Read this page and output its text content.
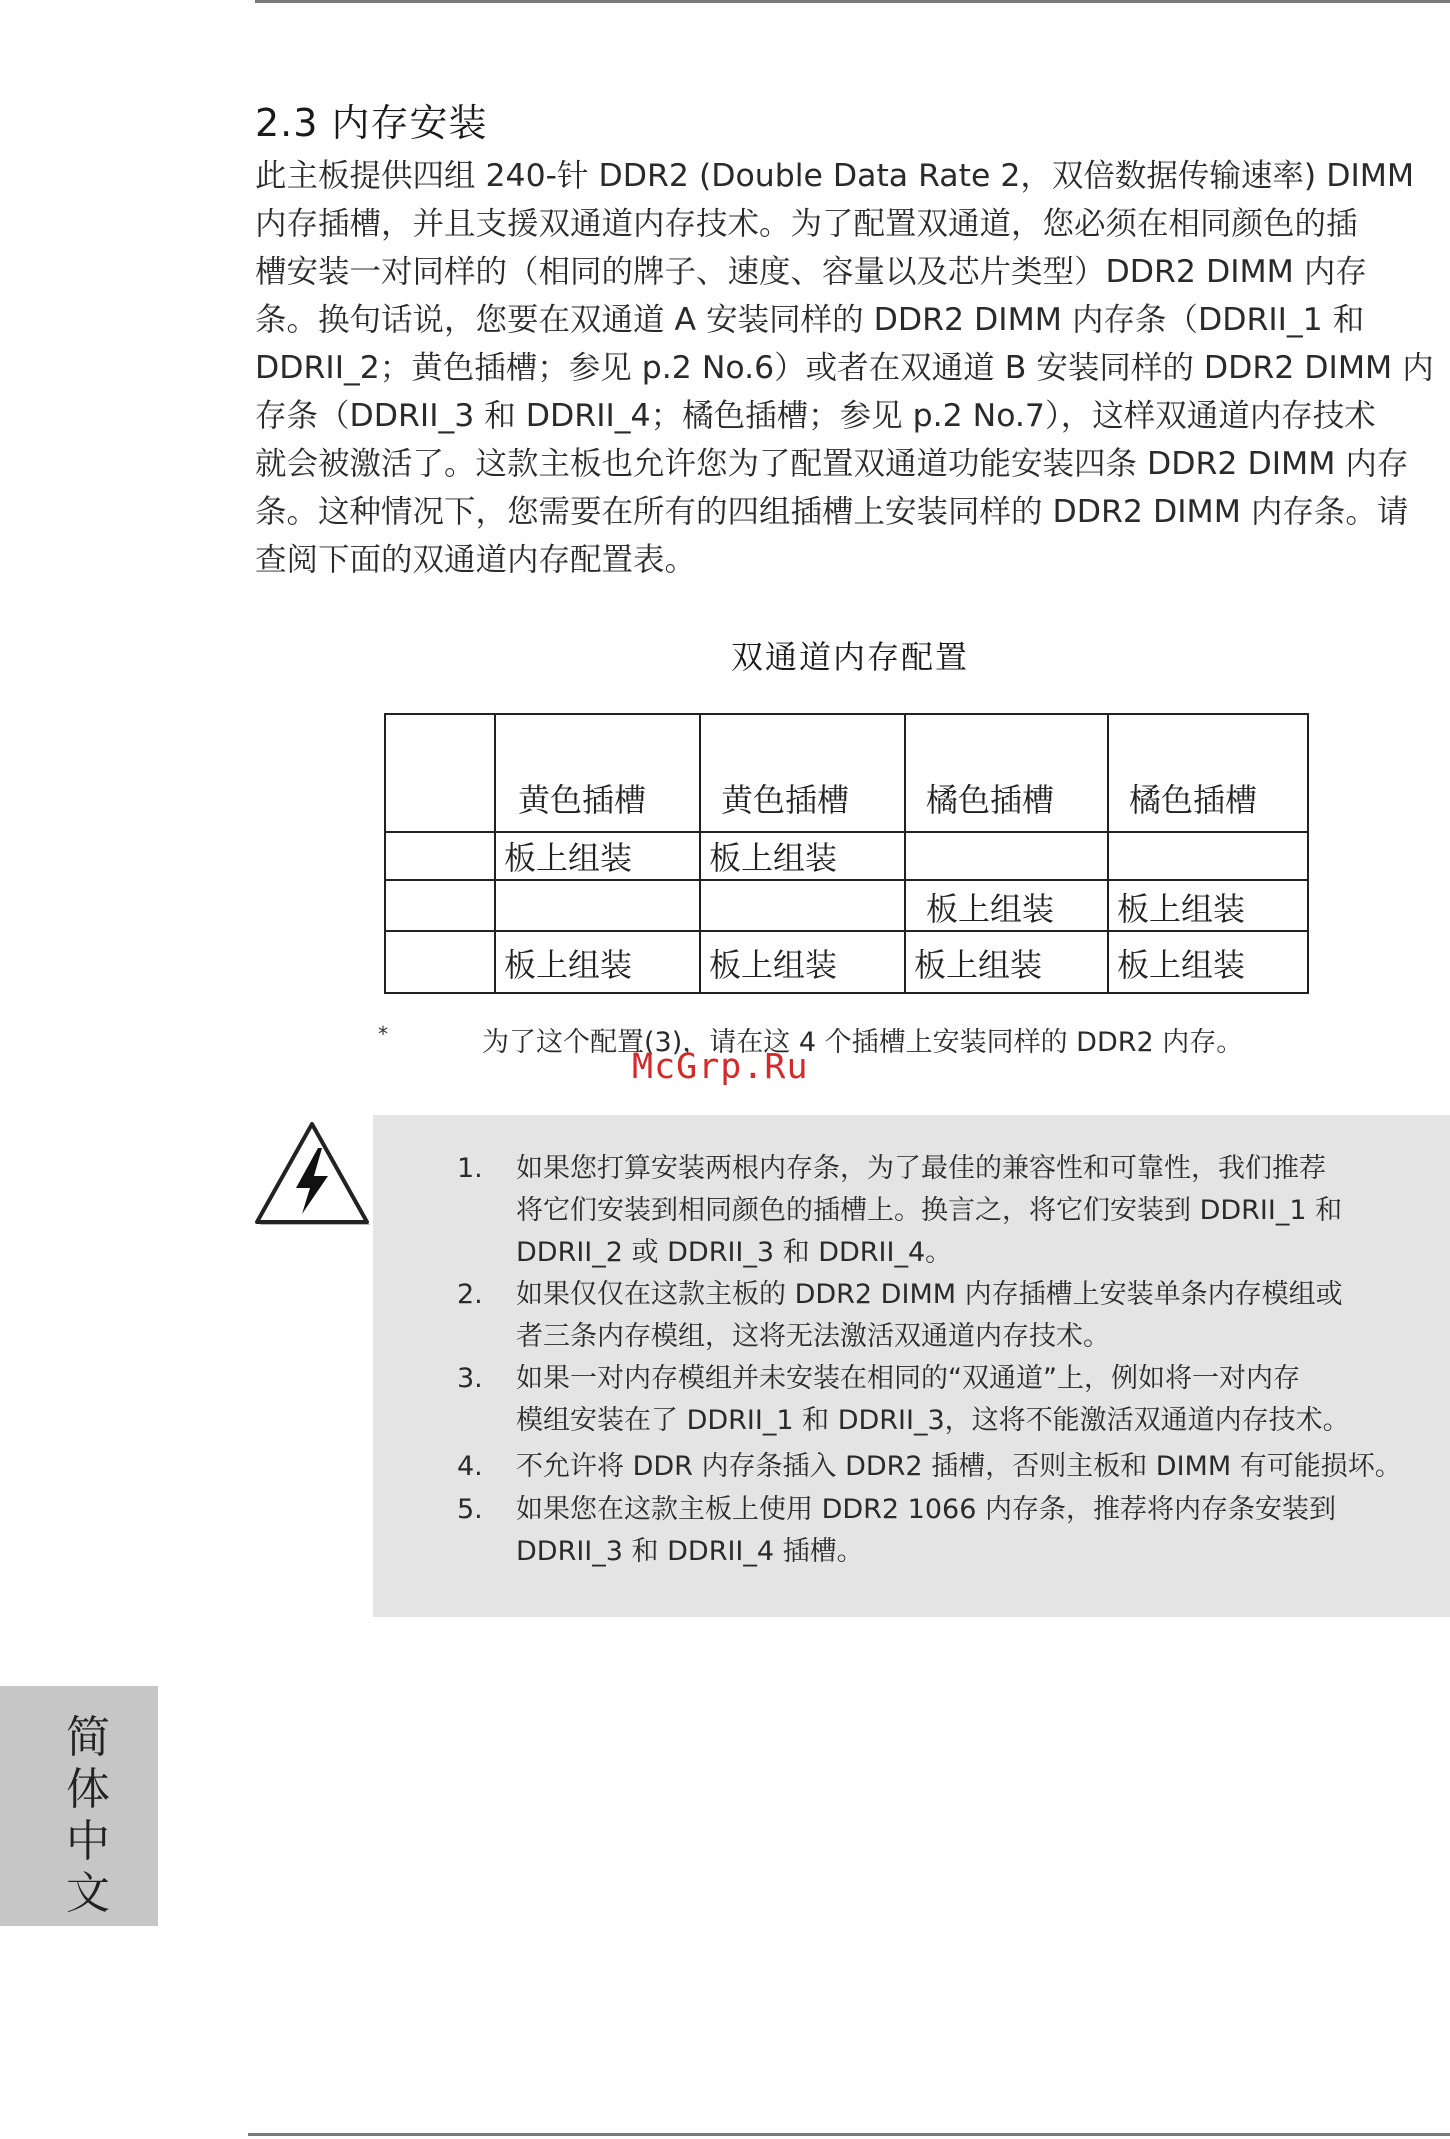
2.3 内存安装
此主板提供四组 240-针 DDR2 (Double Data Rate 2，双倍数据传输速率) DIMM
内存插槽，并且支援双通道内存技术。为了配置双通道，您必须在相同颜色的插
槽安装一对同样的（相同的牌子、速度、容量以及芯片类型）DDR2 DIMM 内存
条。换句话说，您要在双通道 A 安装同样的 DDR2 DIMM 内存条（DDRII_1 和
DDRII_2；黄色插槽；参见 p.2 No.6）或者在双通道 B 安装同样的 DDR2 DIMM 内
存条（DDRII_3 和 DDRII_4；橘色插槽；参见 p.2 No.7），这样双通道内存技术
就会被激活了。这款主板也允许您为了配置双通道功能安装四条 DDR2 DIMM 内存
条。这种情况下，您需要在所有的四组插槽上安装同样的 DDR2 DIMM 内存条。请
查阅下面的双通道内存配置表。
双通道内存配置
	黄色插槽	黄色插槽	橘色插槽	橘色插槽
	板上组装	板上组装		
			板上组装	板上组装
	板上组装	板上组装	板上组装	板上组装
*	为了这个配置(3)，请在这 4 个插槽上安装同样的 DDR2 内存。
McGrp.Ru
1.	如果您打算安装两根内存条，为了最佳的兼容性和可靠性，我们推荐
将它们安装到相同颜色的插槽上。换言之，将它们安装到 DDRII_1 和
DDRII_2 或 DDRII_3 和 DDRII_4。
2.	如果仅仅在这款主板的 DDR2 DIMM 内存插槽上安装单条内存模组或
者三条内存模组，这将无法激活双通道内存技术。
3.	如果一对内存模组并未安装在相同的“双通道”上，例如将一对内存
模组安装在了 DDRII_1 和 DDRII_3，这将不能激活双通道内存技术。
4.	不允许将 DDR 内存条插入 DDR2 插槽，否则主板和 DIMM 有可能损坏。
5.	如果您在这款主板上使用 DDR2 1066 内存条，推荐将内存条安装到
DDRII_3 和 DDRII_4 插槽。
简
体
中
文
